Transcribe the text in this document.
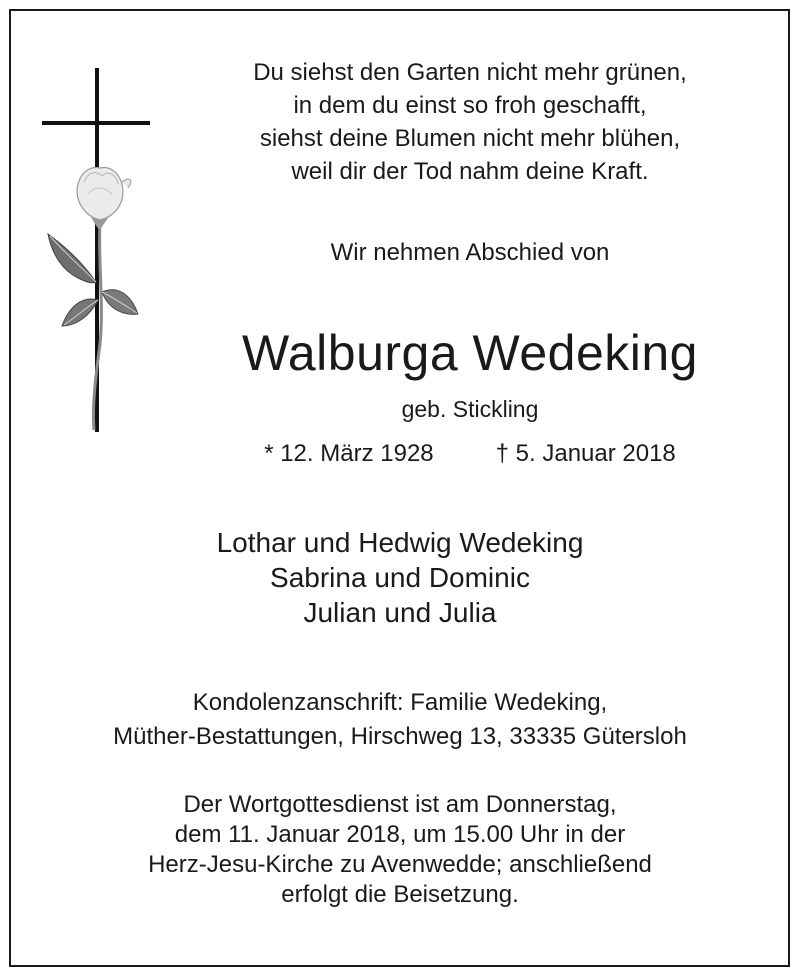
Du siehst den Garten nicht mehr grünen,
in dem du einst so froh geschafft,
siehst deine Blumen nicht mehr blühen,
weil dir der Tod nahm deine Kraft.
Wir nehmen Abschied von
Walburga Wedeking
geb. Stickling
* 12. März 1928	† 5. Januar 2018
Lothar und Hedwig Wedeking
Sabrina und Dominic
Julian und Julia
Kondolenzanschrift: Familie Wedeking,
Müther-Bestattungen, Hirschweg 13, 33335 Gütersloh
Der Wortgottesdienst ist am Donnerstag,
dem 11. Januar 2018, um 15.00 Uhr in der
Herz-Jesu-Kirche zu Avenwedde; anschließend
erfolgt die Beisetzung.
